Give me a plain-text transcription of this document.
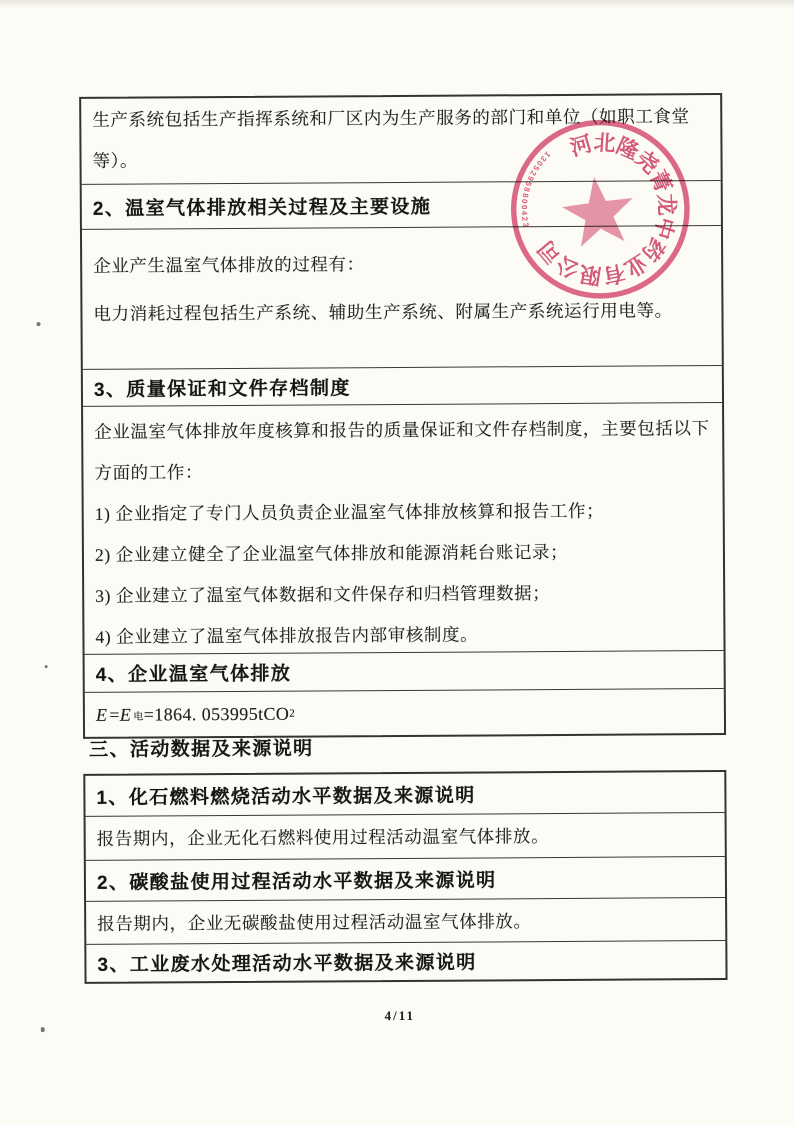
生产系统包括生产指挥系统和厂区内为生产服务的部门和单位（如职工食堂等）。

2、温室气体排放相关过程及主要设施

企业产生温室气体排放的过程有：

电力消耗过程包括生产系统、辅助生产系统、附属生产系统运行用电等。

3、质量保证和文件存档制度

企业温室气体排放年度核算和报告的质量保证和文件存档制度，主要包括以下方面的工作：

1) 企业指定了专门人员负责企业温室气体排放核算和报告工作；

2) 企业建立健全了企业温室气体排放和能源消耗台账记录；

3) 企业建立了温室气体数据和文件保存和归档管理数据；

4) 企业建立了温室气体排放报告内部审核制度。

4、企业温室气体排放
E = E 电 =1864. 053995tCO 2
三、活动数据及来源说明
1、化石燃料燃烧活动水平数据及来源说明
报告期内，企业无化石燃料使用过程活动温室气体排放。
2、碳酸盐使用过程活动水平数据及来源说明
报告期内，企业无碳酸盐使用过程活动温室气体排放。
3、工业废水处理活动水平数据及来源说明
4/11
河北隆尧菁龙中药业有限公司
13052958800423
